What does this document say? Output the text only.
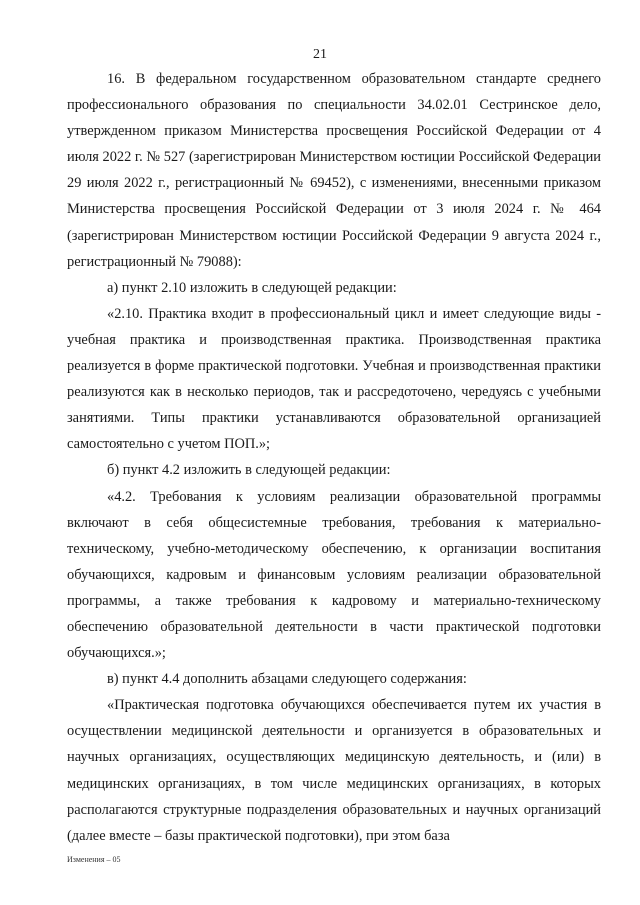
21

16. В федеральном государственном образовательном стандарте среднего профессионального образования по специальности 34.02.01 Сестринское дело, утвержденном приказом Министерства просвещения Российской Федерации от 4 июля 2022 г. № 527 (зарегистрирован Министерством юстиции Российской Федерации 29 июля 2022 г., регистрационный № 69452), с изменениями, внесенными приказом Министерства просвещения Российской Федерации от 3 июля 2024 г. № 464 (зарегистрирован Министерством юстиции Российской Федерации 9 августа 2024 г., регистрационный № 79088):

а) пункт 2.10 изложить в следующей редакции:

«2.10. Практика входит в профессиональный цикл и имеет следующие виды - учебная практика и производственная практика. Производственная практика реализуется в форме практической подготовки. Учебная и производственная практики реализуются как в несколько периодов, так и рассредоточено, чередуясь с учебными занятиями. Типы практики устанавливаются образовательной организацией самостоятельно с учетом ПОП.»;

б) пункт 4.2 изложить в следующей редакции:

«4.2. Требования к условиям реализации образовательной программы включают в себя общесистемные требования, требования к материально-техническому, учебно-методическому обеспечению, к организации воспитания обучающихся, кадровым и финансовым условиям реализации образовательной программы, а также требования к кадровому и материально-техническому обеспечению образовательной деятельности в части практической подготовки обучающихся.»;

в) пункт 4.4 дополнить абзацами следующего содержания:

«Практическая подготовка обучающихся обеспечивается путем их участия в осуществлении медицинской деятельности и организуется в образовательных и научных организациях, осуществляющих медицинскую деятельность, и (или) в медицинских организациях, в том числе медицинских организациях, в которых располагаются структурные подразделения образовательных и научных организаций (далее вместе – базы практической подготовки), при этом база

Изменения – 05
